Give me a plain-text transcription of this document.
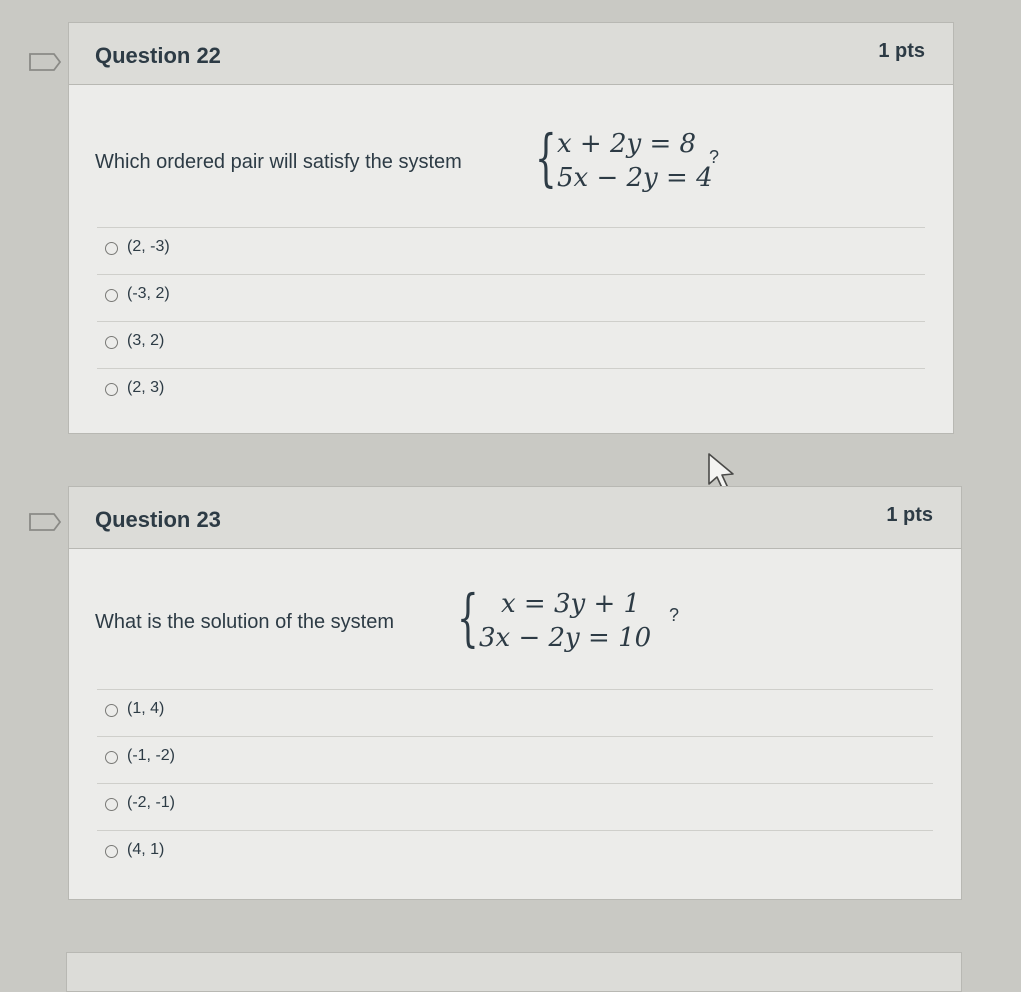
Question 22	1 pts
Which ordered pair will satisfy the system { x + 2y = 8
5x − 2y = 4
?
(2, -3)
(-3, 2)
(3, 2)
(2, 3)
Question 23	1 pts
What is the solution of the system { x = 3y + 1
3x − 2y = 10
?
(1, 4)
(-1, -2)
(-2, -1)
(4, 1)
